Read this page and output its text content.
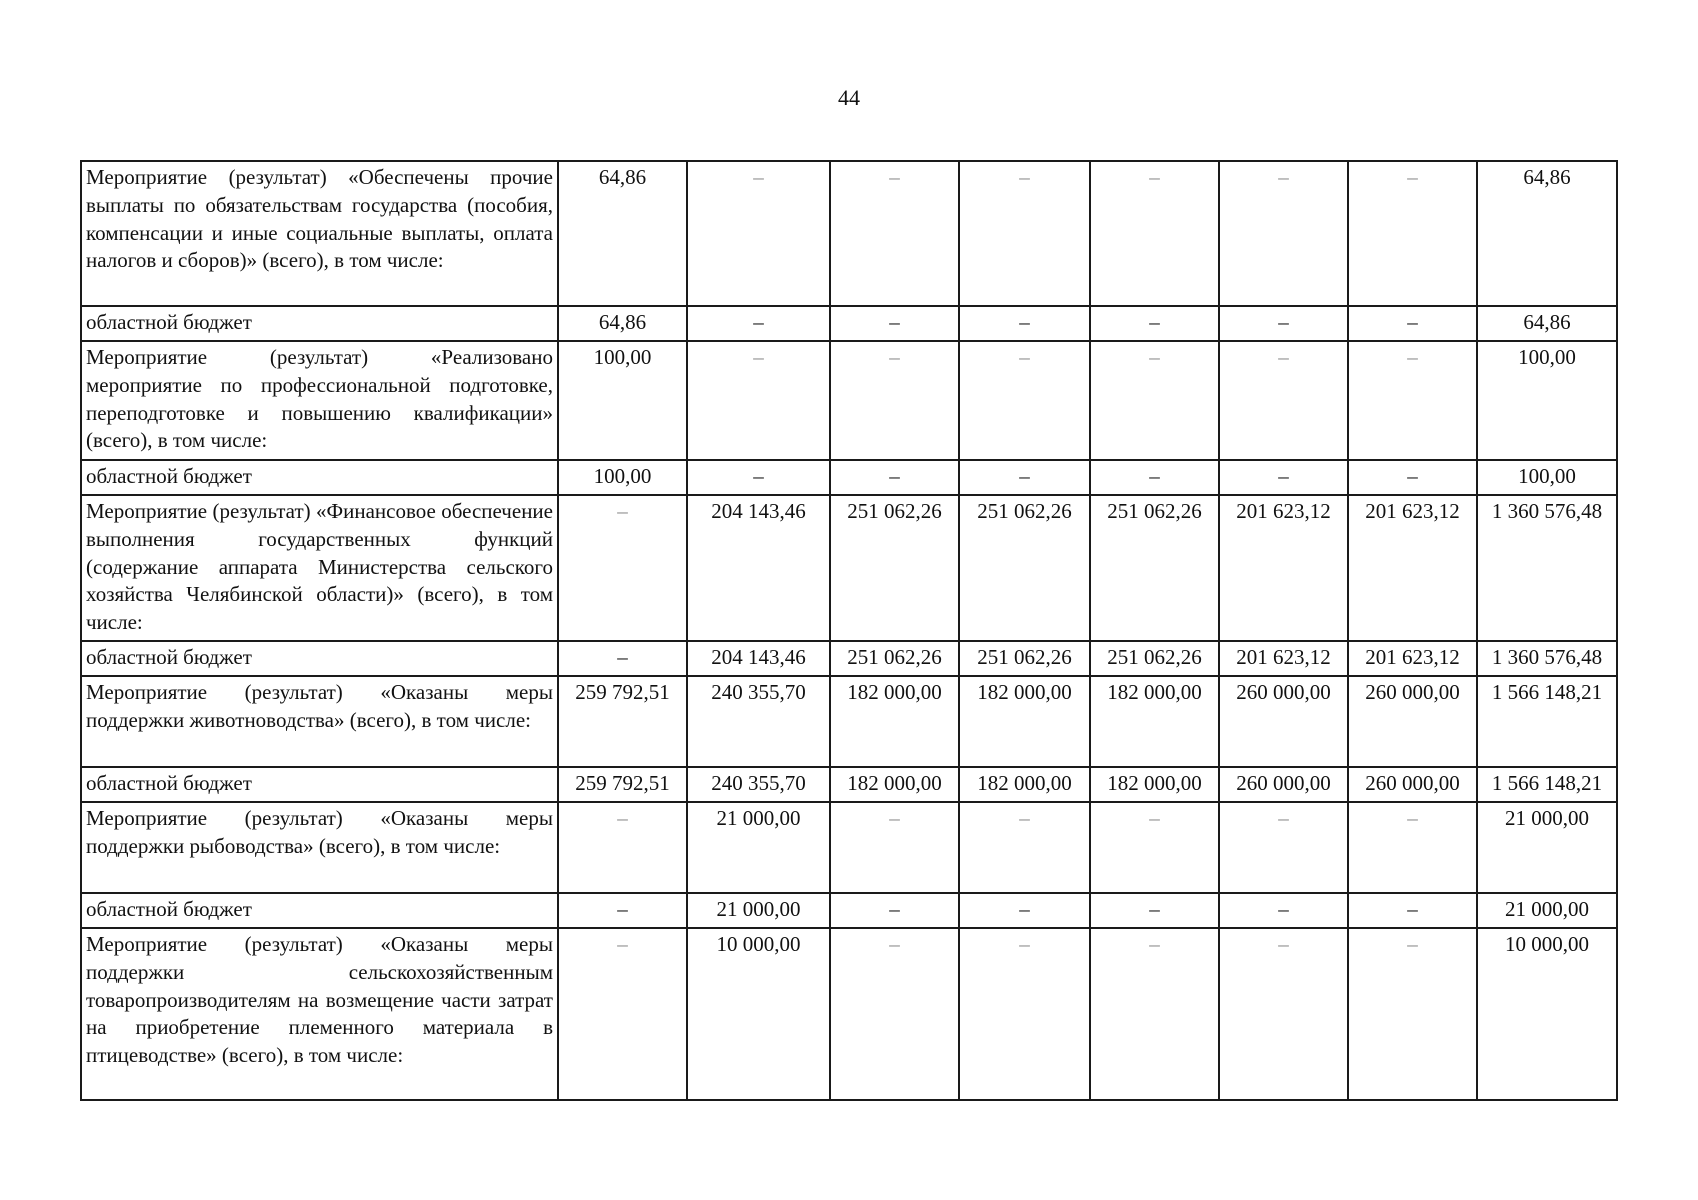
44
Мероприятие (результат) «Обеспечены прочие выплаты по обязательствам государства (пособия, компенсации и иные социальные выплаты, оплата налогов и сборов)» (всего), в том числе:	64,86	–	–	–	–	–	–	64,86
областной бюджет	64,86	–	–	–	–	–	–	64,86
Мероприятие (результат) «Реализовано мероприятие по профессиональной подготовке, переподготовке и повышению квалификации» (всего), в том числе:	100,00	–	–	–	–	–	–	100,00
областной бюджет	100,00	–	–	–	–	–	–	100,00
Мероприятие (результат) «Финансовое обеспечение выполнения государственных функций (содержание аппарата Министерства сельского хозяйства Челябинской области)» (всего), в том числе:	–	204 143,46	251 062,26	251 062,26	251 062,26	201 623,12	201 623,12	1 360 576,48
областной бюджет	–	204 143,46	251 062,26	251 062,26	251 062,26	201 623,12	201 623,12	1 360 576,48
Мероприятие (результат) «Оказаны меры поддержки животноводства» (всего), в том числе:	259 792,51	240 355,70	182 000,00	182 000,00	182 000,00	260 000,00	260 000,00	1 566 148,21
областной бюджет	259 792,51	240 355,70	182 000,00	182 000,00	182 000,00	260 000,00	260 000,00	1 566 148,21
Мероприятие (результат) «Оказаны меры поддержки рыбоводства» (всего), в том числе:	–	21 000,00	–	–	–	–	–	21 000,00
областной бюджет	–	21 000,00	–	–	–	–	–	21 000,00
Мероприятие (результат) «Оказаны меры поддержки сельскохозяйственным товаропроизводителям на возмещение части затрат на приобретение племенного материала в птицеводстве» (всего), в том числе:	–	10 000,00	–	–	–	–	–	10 000,00
